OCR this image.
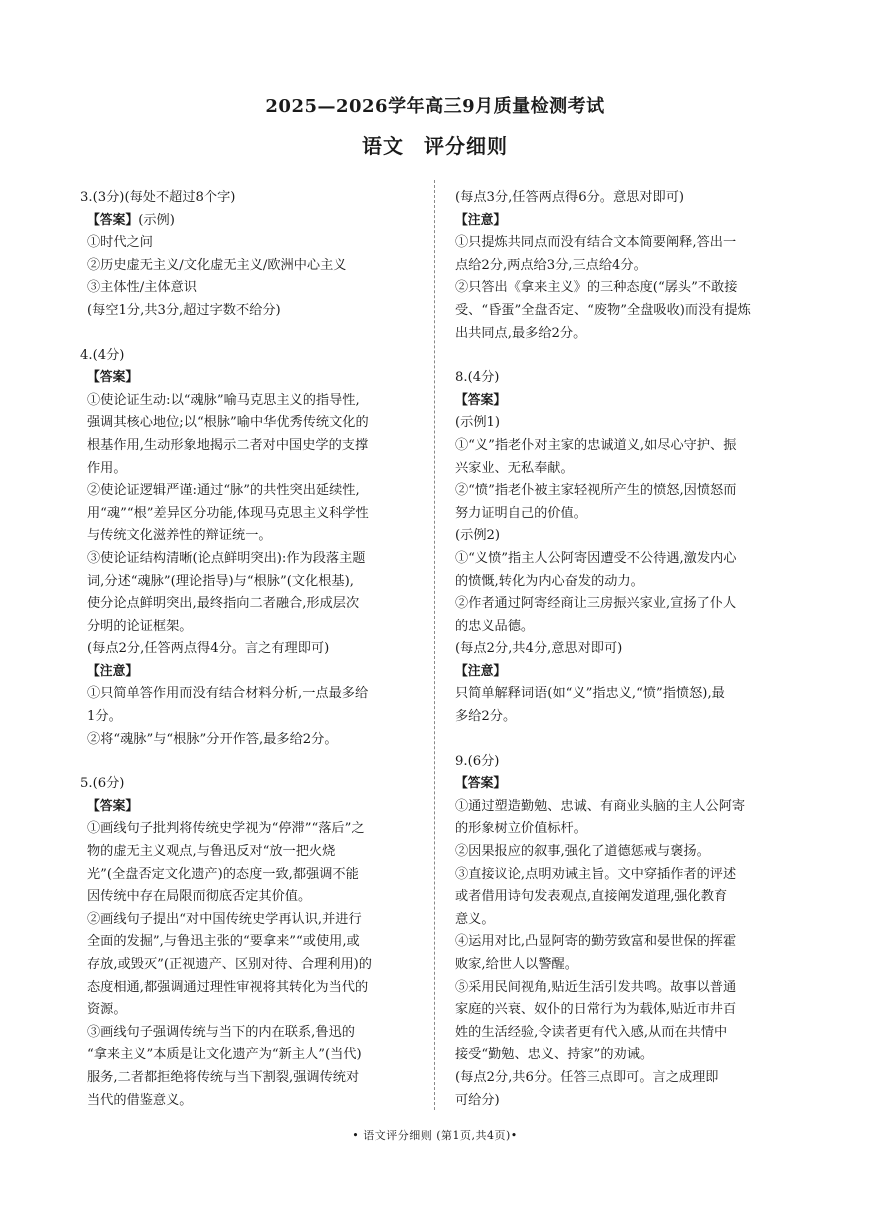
2025—2026学年高三9月质量检测考试
语文 评分细则
3.(3分)(每处不超过8个字)
【答案】(示例)
①时代之问
②历史虚无主义/文化虚无主义/欧洲中心主义
③主体性/主体意识
(每空1分,共3分,超过字数不给分)
4.(4分)
【答案】
①使论证生动:以“魂脉”喻马克思主义的指导性,
强调其核心地位;以“根脉”喻中华优秀传统文化的
根基作用,生动形象地揭示二者对中国史学的支撑
作用。
②使论证逻辑严谨:通过“脉”的共性突出延续性,
用“魂”“根”差异区分功能,体现马克思主义科学性
与传统文化滋养性的辩证统一。
③使论证结构清晰(论点鲜明突出):作为段落主题
词,分述“魂脉”(理论指导)与“根脉”(文化根基),
使分论点鲜明突出,最终指向二者融合,形成层次
分明的论证框架。
(每点2分,任答两点得4分。言之有理即可)
【注意】
①只简单答作用而没有结合材料分析,一点最多给
1分。
②将“魂脉”与“根脉”分开作答,最多给2分。
5.(6分)
【答案】
①画线句子批判将传统史学视为“停滞”“落后”之
物的虚无主义观点,与鲁迅反对“放一把火烧
光”(全盘否定文化遗产)的态度一致,都强调不能
因传统中存在局限而彻底否定其价值。
②画线句子提出“对中国传统史学再认识,并进行
全面的发掘”,与鲁迅主张的“要拿来”“或使用,或
存放,或毁灭”(正视遗产、区别对待、合理利用)的
态度相通,都强调通过理性审视将其转化为当代的
资源。
③画线句子强调传统与当下的内在联系,鲁迅的
“拿来主义”本质是让文化遗产为“新主人”(当代)
服务,二者都拒绝将传统与当下割裂,强调传统对
当代的借鉴意义。
(每点3分,任答两点得6分。意思对即可)
【注意】
①只提炼共同点而没有结合文本简要阐释,答出一
点给2分,两点给3分,三点给4分。
②只答出《拿来主义》的三种态度(“孱头”不敢接
受、“昏蛋”全盘否定、“废物”全盘吸收)而没有提炼
出共同点,最多给2分。
8.(4分)
【答案】
(示例1)
①“义”指老仆对主家的忠诚道义,如尽心守护、振
兴家业、无私奉献。
②“愤”指老仆被主家轻视所产生的愤怒,因愤怒而
努力证明自己的价值。
(示例2)
①“义愤”指主人公阿寄因遭受不公待遇,激发内心
的愤慨,转化为内心奋发的动力。
②作者通过阿寄经商让三房振兴家业,宣扬了仆人
的忠义品德。
(每点2分,共4分,意思对即可)
【注意】
只简单解释词语(如“义”指忠义,“愤”指愤怒),最
多给2分。
9.(6分)
【答案】
①通过塑造勤勉、忠诚、有商业头脑的主人公阿寄
的形象树立价值标杆。
②因果报应的叙事,强化了道德惩戒与褒扬。
③直接议论,点明劝诫主旨。文中穿插作者的评述
或者借用诗句发表观点,直接阐发道理,强化教育
意义。
④运用对比,凸显阿寄的勤劳致富和晏世保的挥霍
败家,给世人以警醒。
⑤采用民间视角,贴近生活引发共鸣。故事以普通
家庭的兴衰、奴仆的日常行为为载体,贴近市井百
姓的生活经验,令读者更有代入感,从而在共情中
接受“勤勉、忠义、持家”的劝诫。
(每点2分,共6分。任答三点即可。言之成理即
可给分)
• 语文评分细则 (第1页,共4页)•
